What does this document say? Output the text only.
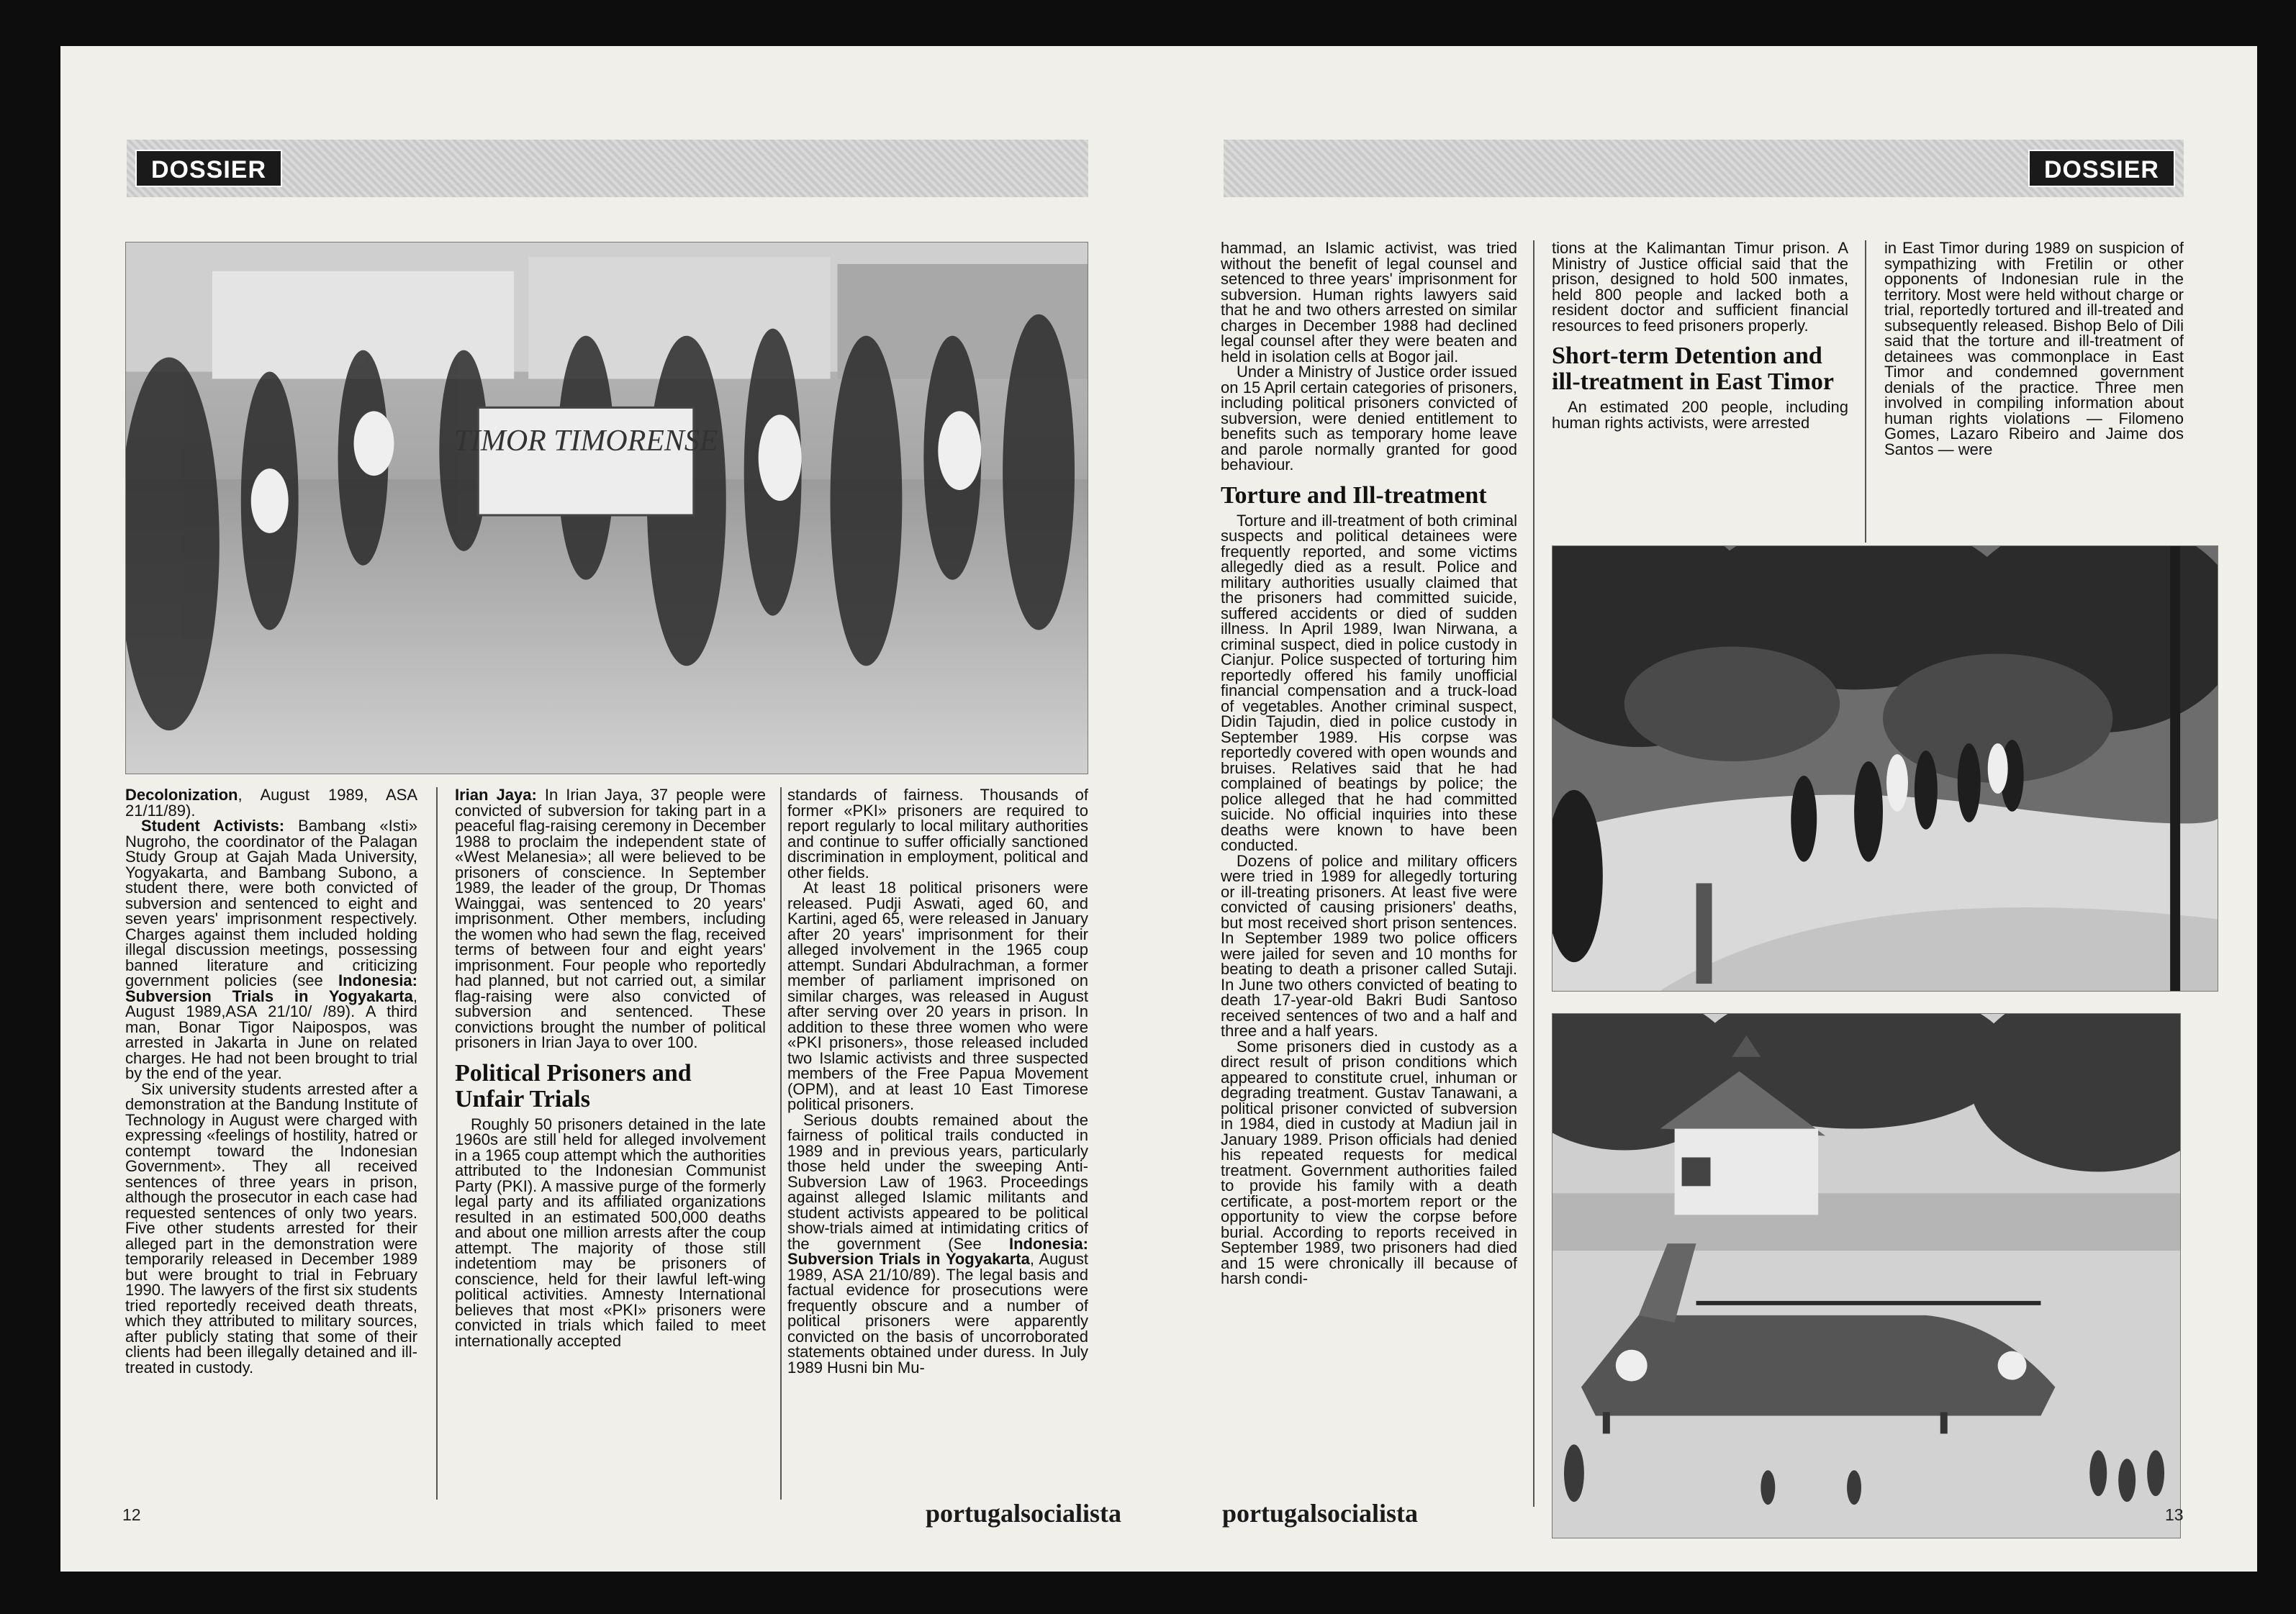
DOSSIER
TIMOR TIMORENSE

Decolonization, August 1989, ASA 21/11/89).

Student Activists: Bambang «Isti» Nugroho, the coordinator of the Palagan Study Group at Gajah Mada University, Yogyakarta, and Bambang Subono, a student there, were both convicted of subversion and sentenced to eight and seven years' imprisonment respectively. Charges against them included holding illegal discussion meetings, possessing banned literature and criticizing government policies (see Indonesia: Subversion Trials in Yogyakarta, August 1989,ASA 21/10/ /89). A third man, Bonar Tigor Naipospos, was arrested in Jakarta in June on related charges. He had not been brought to trial by the end of the year.

Six university students arrested after a demonstration at the Bandung Institute of Technology in August were charged with expressing «feelings of hostility, hatred or contempt toward the Indonesian Government». They all received sentences of three years in prison, although the prosecutor in each case had requested sentences of only two years. Five other students arrested for their alleged part in the demonstration were temporarily released in December 1989 but were brought to trial in February 1990. The lawyers of the first six students tried reportedly received death threats, which they attributed to military sources, after publicly stating that some of their clients had been illegally detained and ill-treated in custody.

Irian Jaya: In Irian Jaya, 37 people were convicted of subversion for taking part in a peaceful flag-raising ceremony in December 1988 to proclaim the independent state of «West Melanesia»; all were believed to be prisoners of conscience. In September 1989, the leader of the group, Dr Thomas Wainggai, was sentenced to 20 years' imprisonment. Other members, including the women who had sewn the flag, received terms of between four and eight years' imprisonment. Four people who reportedly had planned, but not carried out, a similar flag-raising were also convicted of subversion and sentenced. These convictions brought the number of political prisoners in Irian Jaya to over 100.

Political Prisoners and Unfair Trials

Roughly 50 prisoners detained in the late 1960s are still held for alleged involvement in a 1965 coup attempt which the authorities attributed to the Indonesian Communist Party (PKI). A massive purge of the formerly legal party and its affiliated organizations resulted in an estimated 500,000 deaths and about one million arrests after the coup attempt. The majority of those still indetentiom may be prisoners of conscience, held for their lawful left-wing political activities. Amnesty International believes that most «PKI» prisoners were convicted in trials which failed to meet internationally accepted

standards of fairness. Thousands of former «PKI» prisoners are required to report regularly to local military authorities and continue to suffer officially sanctioned discrimination in employment, political and other fields.

At least 18 political prisoners were released. Pudji Aswati, aged 60, and Kartini, aged 65, were released in January after 20 years' imprisonment for their alleged involvement in the 1965 coup attempt. Sundari Abdulrachman, a former member of parliament imprisoned on similar charges, was released in August after serving over 20 years in prison. In addition to these three women who were «PKI prisoners», those released included two Islamic activists and three suspected members of the Free Papua Movement (OPM), and at least 10 East Timorese political prisoners.

Serious doubts remained about the fairness of political trails conducted in 1989 and in previous years, particularly those held under the sweeping Anti-Subversion Law of 1963. Proceedings against alleged Islamic militants and student activists appeared to be political show-trials aimed at intimidating critics of the government (See Indonesia: Subversion Trials in Yogyakarta, August 1989, ASA 21/10/89). The legal basis and factual evidence for prosecutions were frequently obscure and a number of political prisoners were apparently convicted on the basis of uncorroborated statements obtained under duress. In July 1989 Husni bin Mu-

12	portugalsocialista
DOSSIER

hammad, an Islamic activist, was tried without the benefit of legal counsel and setenced to three years' imprisonment for subversion. Human rights lawyers said that he and two others arrested on similar charges in December 1988 had declined legal counsel after they were beaten and held in isolation cells at Bogor jail.

Under a Ministry of Justice order issued on 15 April certain categories of prisoners, including political prisoners convicted of subversion, were denied entitlement to benefits such as temporary home leave and parole normally granted for good behaviour.

Torture and Ill-treatment

Torture and ill-treatment of both criminal suspects and political detainees were frequently reported, and some victims allegedly died as a result. Police and military authorities usually claimed that the prisoners had committed suicide, suffered accidents or died of sudden illness. In April 1989, Iwan Nirwana, a criminal suspect, died in police custody in Cianjur. Police suspected of torturing him reportedly offered his family unofficial financial compensation and a truck-load of vegetables. Another criminal suspect, Didin Tajudin, died in police custody in September 1989. His corpse was reportedly covered with open wounds and bruises. Relatives said that he had complained of beatings by police; the police alleged that he had committed suicide. No official inquiries into these deaths were known to have been conducted.

Dozens of police and military officers were tried in 1989 for allegedly torturing or ill-treating prisoners. At least five were convicted of causing prisioners' deaths, but most received short prison sentences. In September 1989 two police officers were jailed for seven and 10 months for beating to death a prisoner called Sutaji. In June two others convicted of beating to death 17-year-old Bakri Budi Santoso received sentences of two and a half and three and a half years.

Some prisoners died in custody as a direct result of prison conditions which appeared to constitute cruel, inhuman or degrading treatment. Gustav Tanawani, a political prisoner convicted of subversion in 1984, died in custody at Madiun jail in January 1989. Prison officials had denied his repeated requests for medical treatment. Government authorities failed to provide his family with a death certificate, a post-mortem report or the opportunity to view the corpse before burial. According to reports received in September 1989, two prisoners had died and 15 were chronically ill because of harsh condi-

tions at the Kalimantan Timur prison. A Ministry of Justice official said that the prison, designed to hold 500 inmates, held 800 people and lacked both a resident doctor and sufficient financial resources to feed prisoners properly.

Short-term Detention and ill-treatment in East Timor

An estimated 200 people, including human rights activists, were arrested

in East Timor during 1989 on suspicion of sympathizing with Fretilin or other opponents of Indonesian rule in the territory. Most were held without charge or trial, reportedly tortured and ill-treated and subsequently released. Bishop Belo of Dili said that the torture and ill-treatment of detainees was commonplace in East Timor and condemned government denials of the practice. Three men involved in compiling information about human rights violations — Filomeno Gomes, Lazaro Ribeiro and Jaime dos Santos — were

portugalsocialista	13
